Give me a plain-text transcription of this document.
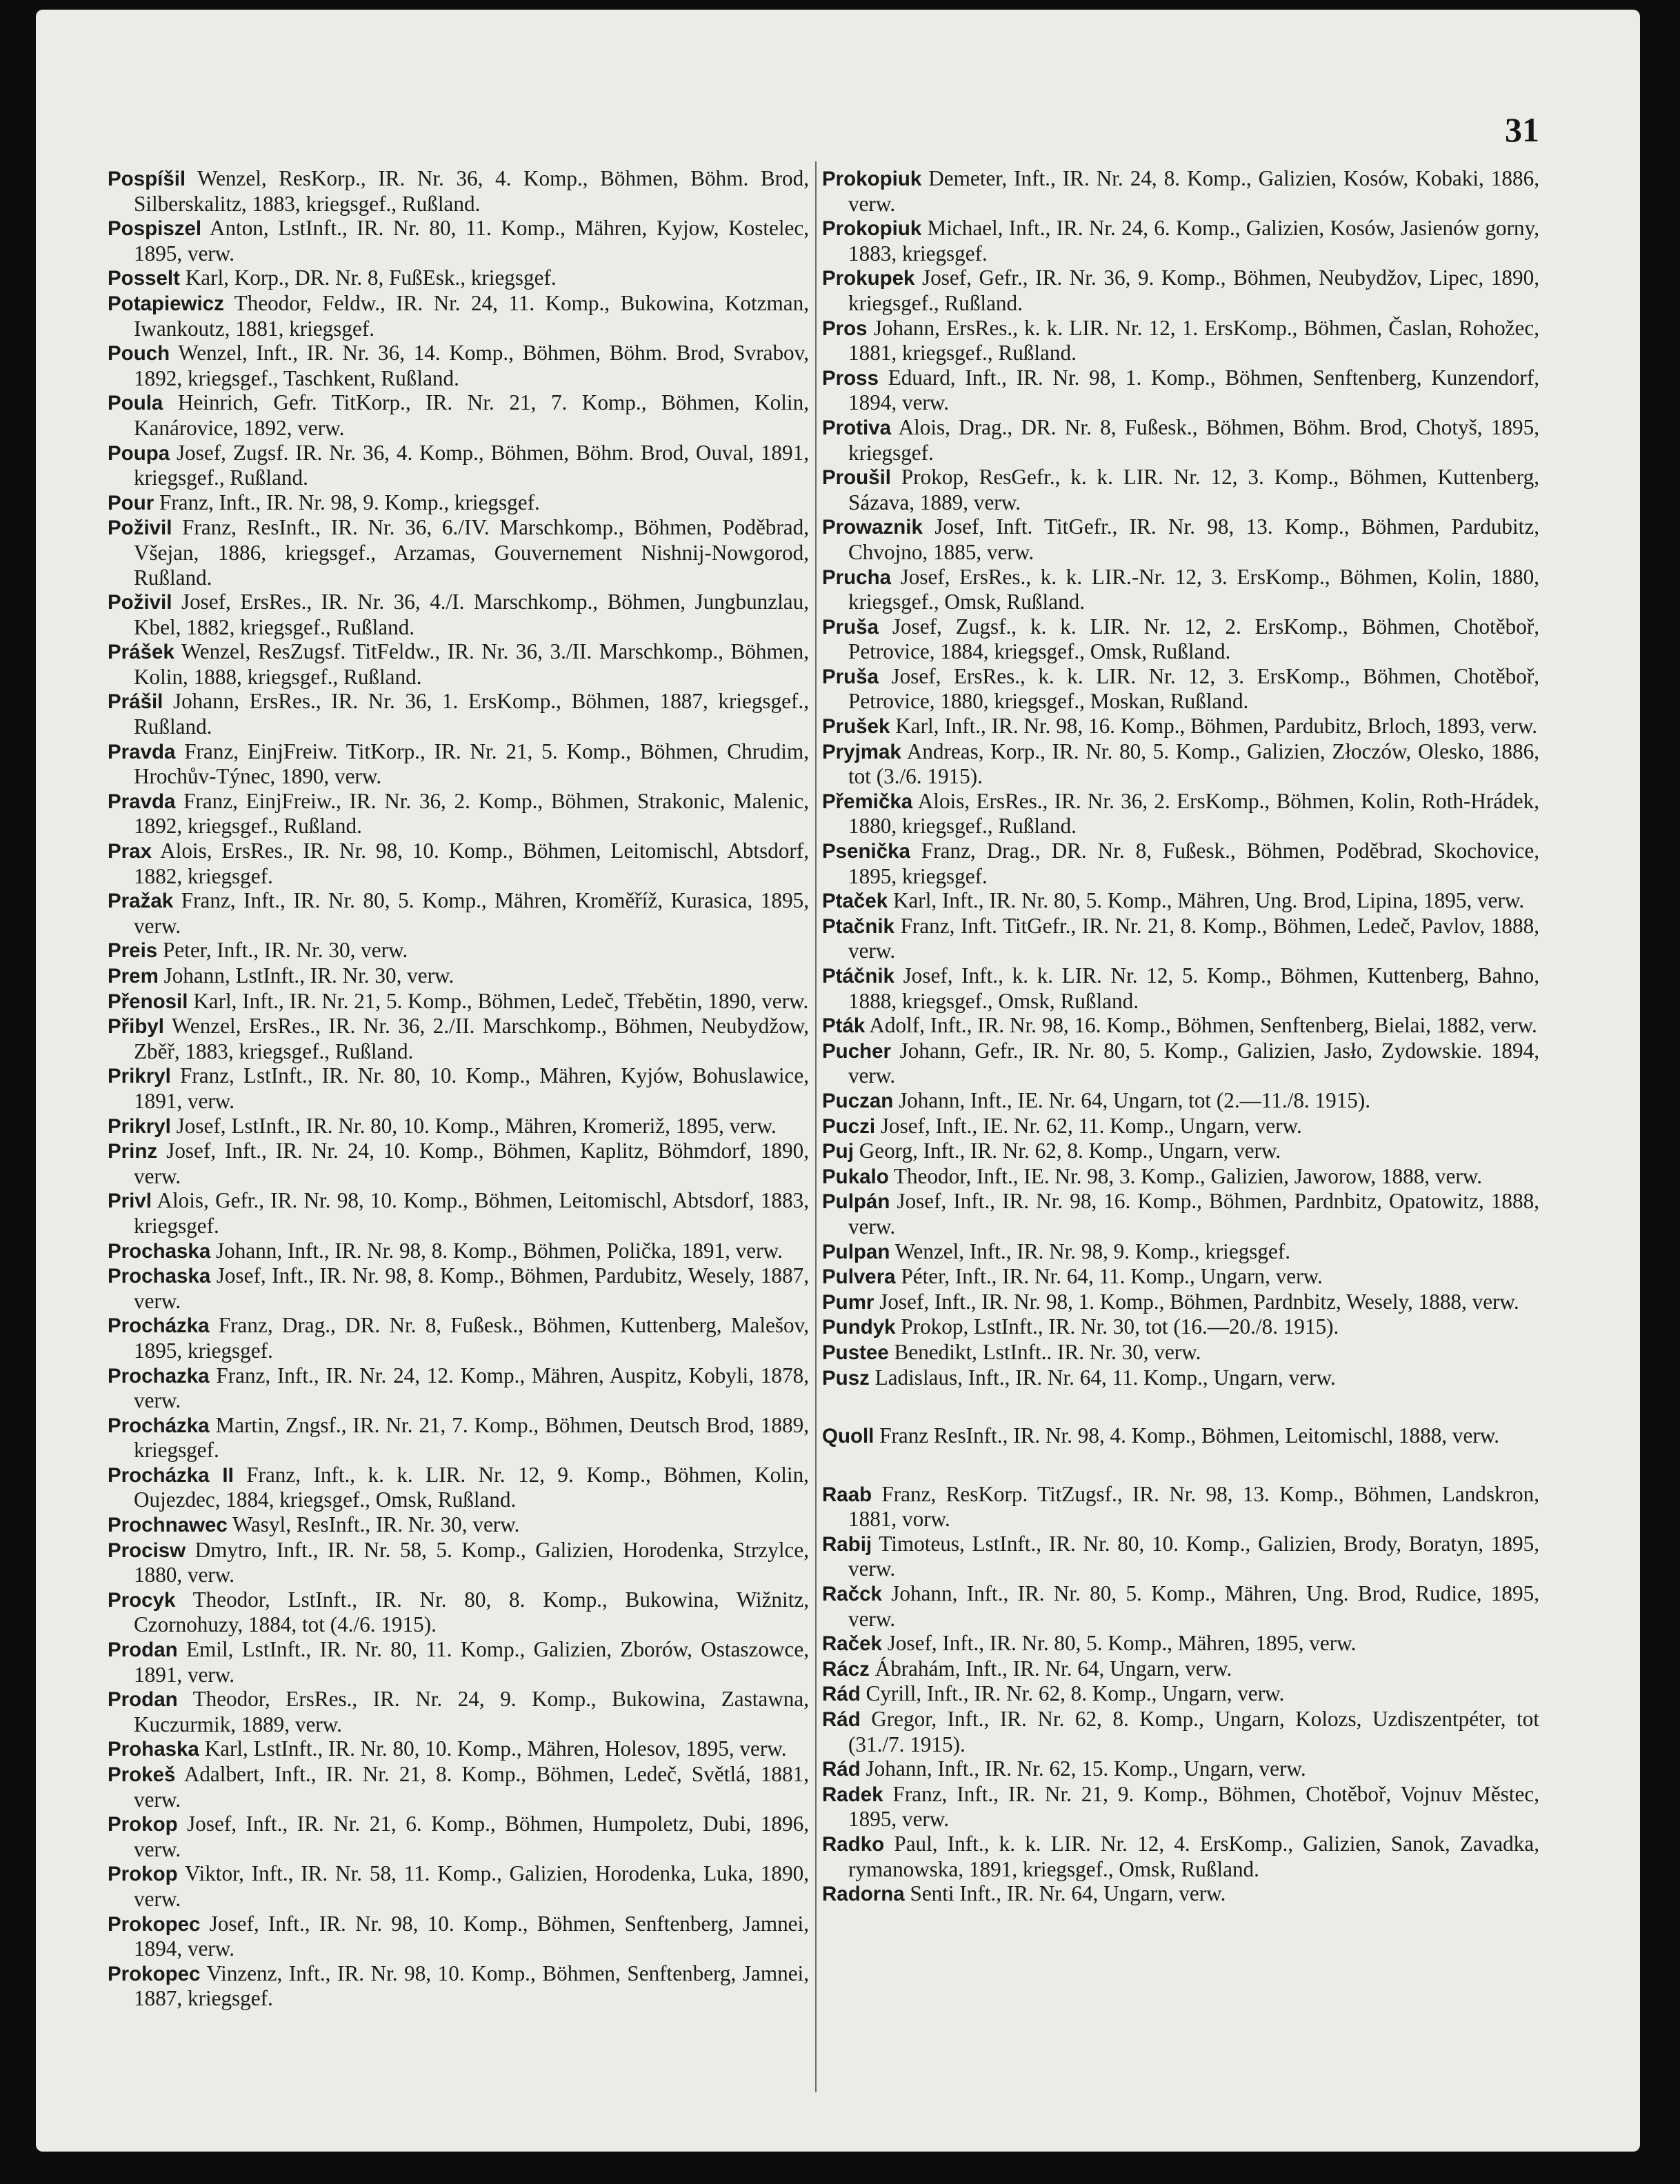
31

Pospíšil Wenzel, ResKorp., IR. Nr. 36, 4. Komp., Böhmen, Böhm. Brod, Silberskalitz, 1883, kriegsgef., Rußland.

Pospiszel Anton, LstInft., IR. Nr. 80, 11. Komp., Mähren, Kyjow, Kostelec, 1895, verw.

Posselt Karl, Korp., DR. Nr. 8, FußEsk., kriegsgef.

Potapiewicz Theodor, Feldw., IR. Nr. 24, 11. Komp., Bukowina, Kotzman, Iwankoutz, 1881, kriegsgef.

Pouch Wenzel, Inft., IR. Nr. 36, 14. Komp., Böhmen, Böhm. Brod, Svrabov, 1892, kriegsgef., Taschkent, Rußland.

Poula Heinrich, Gefr. TitKorp., IR. Nr. 21, 7. Komp., Böhmen, Kolin, Kanárovice, 1892, verw.

Poupa Josef, Zugsf. IR. Nr. 36, 4. Komp., Böhmen, Böhm. Brod, Ouval, 1891, kriegsgef., Rußland.

Pour Franz, Inft., IR. Nr. 98, 9. Komp., kriegsgef.

Poživil Franz, ResInft., IR. Nr. 36, 6./IV. Marschkomp., Böhmen, Poděbrad, Všejan, 1886, kriegsgef., Arzamas, Gouvernement Nishnij-Nowgorod, Rußland.

Poživil Josef, ErsRes., IR. Nr. 36, 4./I. Marschkomp., Böhmen, Jungbunzlau, Kbel, 1882, kriegsgef., Rußland.

Prášek Wenzel, ResZugsf. TitFeldw., IR. Nr. 36, 3./II. Marschkomp., Böhmen, Kolin, 1888, kriegsgef., Rußland.

Prášil Johann, ErsRes., IR. Nr. 36, 1. ErsKomp., Böhmen, 1887, kriegsgef., Rußland.

Pravda Franz, EinjFreiw. TitKorp., IR. Nr. 21, 5. Komp., Böhmen, Chrudim, Hrochův-Týnec, 1890, verw.

Pravda Franz, EinjFreiw., IR. Nr. 36, 2. Komp., Böhmen, Strakonic, Malenic, 1892, kriegsgef., Rußland.

Prax Alois, ErsRes., IR. Nr. 98, 10. Komp., Böhmen, Leitomischl, Abtsdorf, 1882, kriegsgef.

Pražak Franz, Inft., IR. Nr. 80, 5. Komp., Mähren, Kroměříž, Kurasica, 1895, verw.

Preis Peter, Inft., IR. Nr. 30, verw.

Prem Johann, LstInft., IR. Nr. 30, verw.

Přenosil Karl, Inft., IR. Nr. 21, 5. Komp., Böhmen, Ledeč, Třebětin, 1890, verw.

Přibyl Wenzel, ErsRes., IR. Nr. 36, 2./II. Marschkomp., Böhmen, Neubydžow, Zběř, 1883, kriegsgef., Rußland.

Prikryl Franz, LstInft., IR. Nr. 80, 10. Komp., Mähren, Kyjów, Bohuslawice, 1891, verw.

Prikryl Josef, LstInft., IR. Nr. 80, 10. Komp., Mähren, Kromeriž, 1895, verw.

Prinz Josef, Inft., IR. Nr. 24, 10. Komp., Böhmen, Kaplitz, Böhmdorf, 1890, verw.

Privl Alois, Gefr., IR. Nr. 98, 10. Komp., Böhmen, Leitomischl, Abtsdorf, 1883, kriegsgef.

Prochaska Johann, Inft., IR. Nr. 98, 8. Komp., Böhmen, Polička, 1891, verw.

Prochaska Josef, Inft., IR. Nr. 98, 8. Komp., Böhmen, Pardubitz, Wesely, 1887, verw.

Procházka Franz, Drag., DR. Nr. 8, Fußesk., Böhmen, Kuttenberg, Malešov, 1895, kriegsgef.

Prochazka Franz, Inft., IR. Nr. 24, 12. Komp., Mähren, Auspitz, Kobyli, 1878, verw.

Procházka Martin, Zngsf., IR. Nr. 21, 7. Komp., Böhmen, Deutsch Brod, 1889, kriegsgef.

Procházka II Franz, Inft., k. k. LIR. Nr. 12, 9. Komp., Böhmen, Kolin, Oujezdec, 1884, kriegsgef., Omsk, Rußland.

Prochnawec Wasyl, ResInft., IR. Nr. 30, verw.

Procisw Dmytro, Inft., IR. Nr. 58, 5. Komp., Galizien, Horodenka, Strzylce, 1880, verw.

Procyk Theodor, LstInft., IR. Nr. 80, 8. Komp., Bukowina, Wižnitz, Czornohuzy, 1884, tot (4./6. 1915).

Prodan Emil, LstInft., IR. Nr. 80, 11. Komp., Galizien, Zborów, Ostaszowce, 1891, verw.

Prodan Theodor, ErsRes., IR. Nr. 24, 9. Komp., Bukowina, Zastawna, Kuczurmik, 1889, verw.

Prohaska Karl, LstInft., IR. Nr. 80, 10. Komp., Mähren, Holesov, 1895, verw.

Prokeš Adalbert, Inft., IR. Nr. 21, 8. Komp., Böhmen, Ledeč, Světlá, 1881, verw.

Prokop Josef, Inft., IR. Nr. 21, 6. Komp., Böhmen, Humpoletz, Dubi, 1896, verw.

Prokop Viktor, Inft., IR. Nr. 58, 11. Komp., Galizien, Horodenka, Luka, 1890, verw.

Prokopec Josef, Inft., IR. Nr. 98, 10. Komp., Böhmen, Senftenberg, Jamnei, 1894, verw.

Prokopec Vinzenz, Inft., IR. Nr. 98, 10. Komp., Böhmen, Senftenberg, Jamnei, 1887, kriegsgef.

Prokopiuk Demeter, Inft., IR. Nr. 24, 8. Komp., Galizien, Kosów, Kobaki, 1886, verw.

Prokopiuk Michael, Inft., IR. Nr. 24, 6. Komp., Galizien, Kosów, Jasienów gorny, 1883, kriegsgef.

Prokupek Josef, Gefr., IR. Nr. 36, 9. Komp., Böhmen, Neubydžov, Lipec, 1890, kriegsgef., Rußland.

Pros Johann, ErsRes., k. k. LIR. Nr. 12, 1. ErsKomp., Böhmen, Časlan, Rohožec, 1881, kriegsgef., Rußland.

Pross Eduard, Inft., IR. Nr. 98, 1. Komp., Böhmen, Senftenberg, Kunzendorf, 1894, verw.

Protiva Alois, Drag., DR. Nr. 8, Fußesk., Böhmen, Böhm. Brod, Chotyš, 1895, kriegsgef.

Proušil Prokop, ResGefr., k. k. LIR. Nr. 12, 3. Komp., Böhmen, Kuttenberg, Sázava, 1889, verw.

Prowaznik Josef, Inft. TitGefr., IR. Nr. 98, 13. Komp., Böhmen, Pardubitz, Chvojno, 1885, verw.

Prucha Josef, ErsRes., k. k. LIR.-Nr. 12, 3. ErsKomp., Böhmen, Kolin, 1880, kriegsgef., Omsk, Rußland.

Pruša Josef, Zugsf., k. k. LIR. Nr. 12, 2. ErsKomp., Böhmen, Chotěboř, Petrovice, 1884, kriegsgef., Omsk, Rußland.

Pruša Josef, ErsRes., k. k. LIR. Nr. 12, 3. ErsKomp., Böhmen, Chotěboř, Petrovice, 1880, kriegsgef., Moskan, Rußland.

Prušek Karl, Inft., IR. Nr. 98, 16. Komp., Böhmen, Pardubitz, Brloch, 1893, verw.

Pryjmak Andreas, Korp., IR. Nr. 80, 5. Komp., Galizien, Złoczów, Olesko, 1886, tot (3./6. 1915).

Přemička Alois, ErsRes., IR. Nr. 36, 2. ErsKomp., Böhmen, Kolin, Roth-Hrádek, 1880, kriegsgef., Rußland.

Psenička Franz, Drag., DR. Nr. 8, Fußesk., Böhmen, Poděbrad, Skochovice, 1895, kriegsgef.

Ptaček Karl, Inft., IR. Nr. 80, 5. Komp., Mähren, Ung. Brod, Lipina, 1895, verw.

Ptačnik Franz, Inft. TitGefr., IR. Nr. 21, 8. Komp., Böhmen, Ledeč, Pavlov, 1888, verw.

Ptáčnik Josef, Inft., k. k. LIR. Nr. 12, 5. Komp., Böhmen, Kuttenberg, Bahno, 1888, kriegsgef., Omsk, Rußland.

Pták Adolf, Inft., IR. Nr. 98, 16. Komp., Böhmen, Senftenberg, Bielai, 1882, verw.

Pucher Johann, Gefr., IR. Nr. 80, 5. Komp., Galizien, Jasło, Zydowskie. 1894, verw.

Puczan Johann, Inft., IE. Nr. 64, Ungarn, tot (2.—11./8. 1915).

Puczi Josef, Inft., IE. Nr. 62, 11. Komp., Ungarn, verw.

Puj Georg, Inft., IR. Nr. 62, 8. Komp., Ungarn, verw.

Pukalo Theodor, Inft., IE. Nr. 98, 3. Komp., Galizien, Jaworow, 1888, verw.

Pulpán Josef, Inft., IR. Nr. 98, 16. Komp., Böhmen, Pardnbitz, Opatowitz, 1888, verw.

Pulpan Wenzel, Inft., IR. Nr. 98, 9. Komp., kriegsgef.

Pulvera Péter, Inft., IR. Nr. 64, 11. Komp., Ungarn, verw.

Pumr Josef, Inft., IR. Nr. 98, 1. Komp., Böhmen, Pardnbitz, Wesely, 1888, verw.

Pundyk Prokop, LstInft., IR. Nr. 30, tot (16.—20./8. 1915).

Pustee Benedikt, LstInft.. IR. Nr. 30, verw.

Pusz Ladislaus, Inft., IR. Nr. 64, 11. Komp., Ungarn, verw.

Quoll Franz ResInft., IR. Nr. 98, 4. Komp., Böhmen, Leitomischl, 1888, verw.

Raab Franz, ResKorp. TitZugsf., IR. Nr. 98, 13. Komp., Böhmen, Landskron, 1881, vorw.

Rabij Timoteus, LstInft., IR. Nr. 80, 10. Komp., Galizien, Brody, Boratyn, 1895, verw.

Račck Johann, Inft., IR. Nr. 80, 5. Komp., Mähren, Ung. Brod, Rudice, 1895, verw.

Raček Josef, Inft., IR. Nr. 80, 5. Komp., Mähren, 1895, verw.

Rácz Ábrahám, Inft., IR. Nr. 64, Ungarn, verw.

Rád Cyrill, Inft., IR. Nr. 62, 8. Komp., Ungarn, verw.

Rád Gregor, Inft., IR. Nr. 62, 8. Komp., Ungarn, Kolozs, Uzdiszentpéter, tot (31./7. 1915).

Rád Johann, Inft., IR. Nr. 62, 15. Komp., Ungarn, verw.

Radek Franz, Inft., IR. Nr. 21, 9. Komp., Böhmen, Chotěboř, Vojnuv Městec, 1895, verw.

Radko Paul, Inft., k. k. LIR. Nr. 12, 4. ErsKomp., Galizien, Sanok, Zavadka, rymanowska, 1891, kriegsgef., Omsk, Rußland.

Radorna Senti Inft., IR. Nr. 64, Ungarn, verw.
